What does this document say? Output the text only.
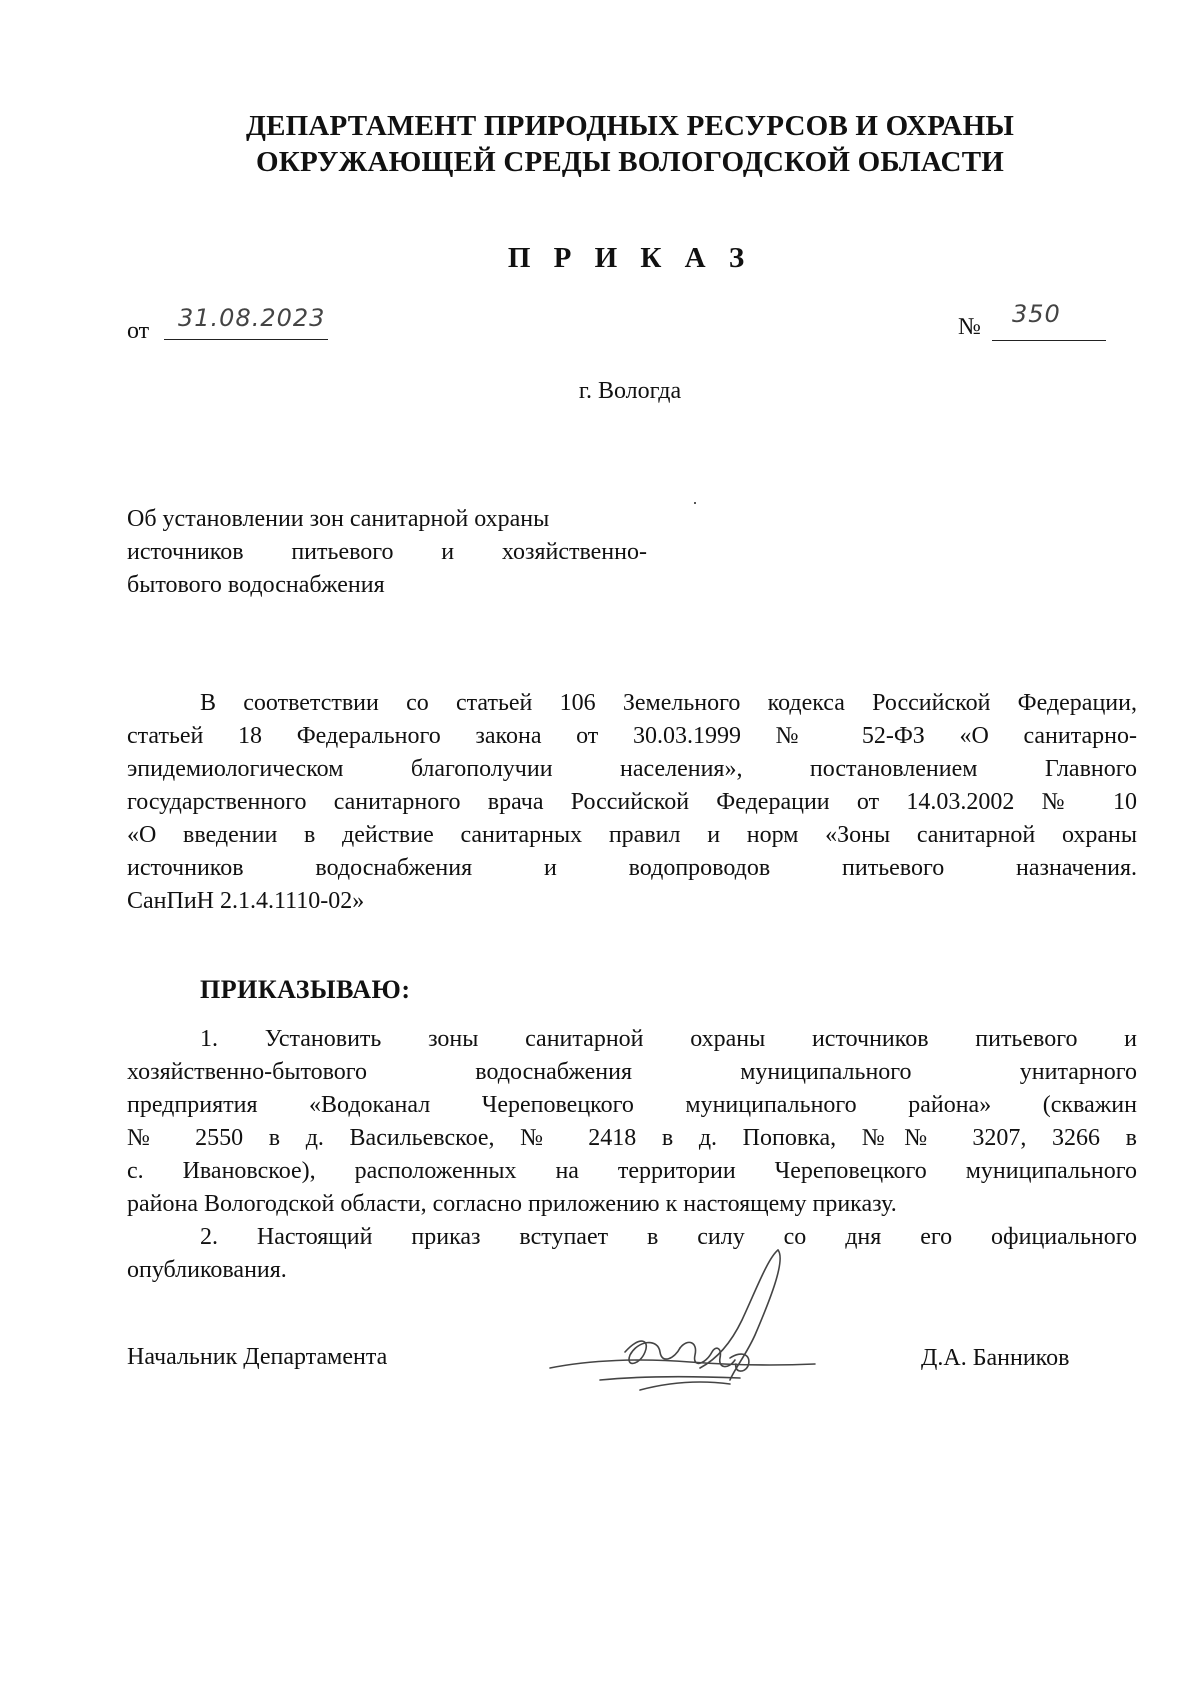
ДЕПАРТАМЕНТ ПРИРОДНЫХ РЕСУРСОВ И ОХРАНЫ
ОКРУЖАЮЩЕЙ СРЕДЫ ВОЛОГОДСКОЙ ОБЛАСТИ
П Р И К А З
от 31.08.2023	№ 350
г. Вологда
Об установлении зон санитарной охраны
источников питьевого и хозяйственно-
бытового водоснабжения
В соответствии со статьей 106 Земельного кодекса Российской Федерации,
статьей 18 Федерального закона от 30.03.1999 № 52-ФЗ «О санитарно-
эпидемиологическом благополучии населения», постановлением Главного
государственного санитарного врача Российской Федерации от 14.03.2002 № 10
«О введении в действие санитарных правил и норм «Зоны санитарной охраны
источников водоснабжения и водопроводов питьевого назначения.
СанПиН 2.1.4.1110-02»
ПРИКАЗЫВАЮ:
1. Установить зоны санитарной охраны источников питьевого и
хозяйственно-бытового водоснабжения муниципального унитарного
предприятия «Водоканал Череповецкого муниципального района» (скважин
№ 2550 в д. Васильевское, № 2418 в д. Поповка, №№ 3207, 3266 в
с. Ивановское), расположенных на территории Череповецкого муниципального
района Вологодской области, согласно приложению к настоящему приказу.
2. Настоящий приказ вступает в силу со дня его официального
опубликования.
Начальник Департамента	Д.А. Банников
